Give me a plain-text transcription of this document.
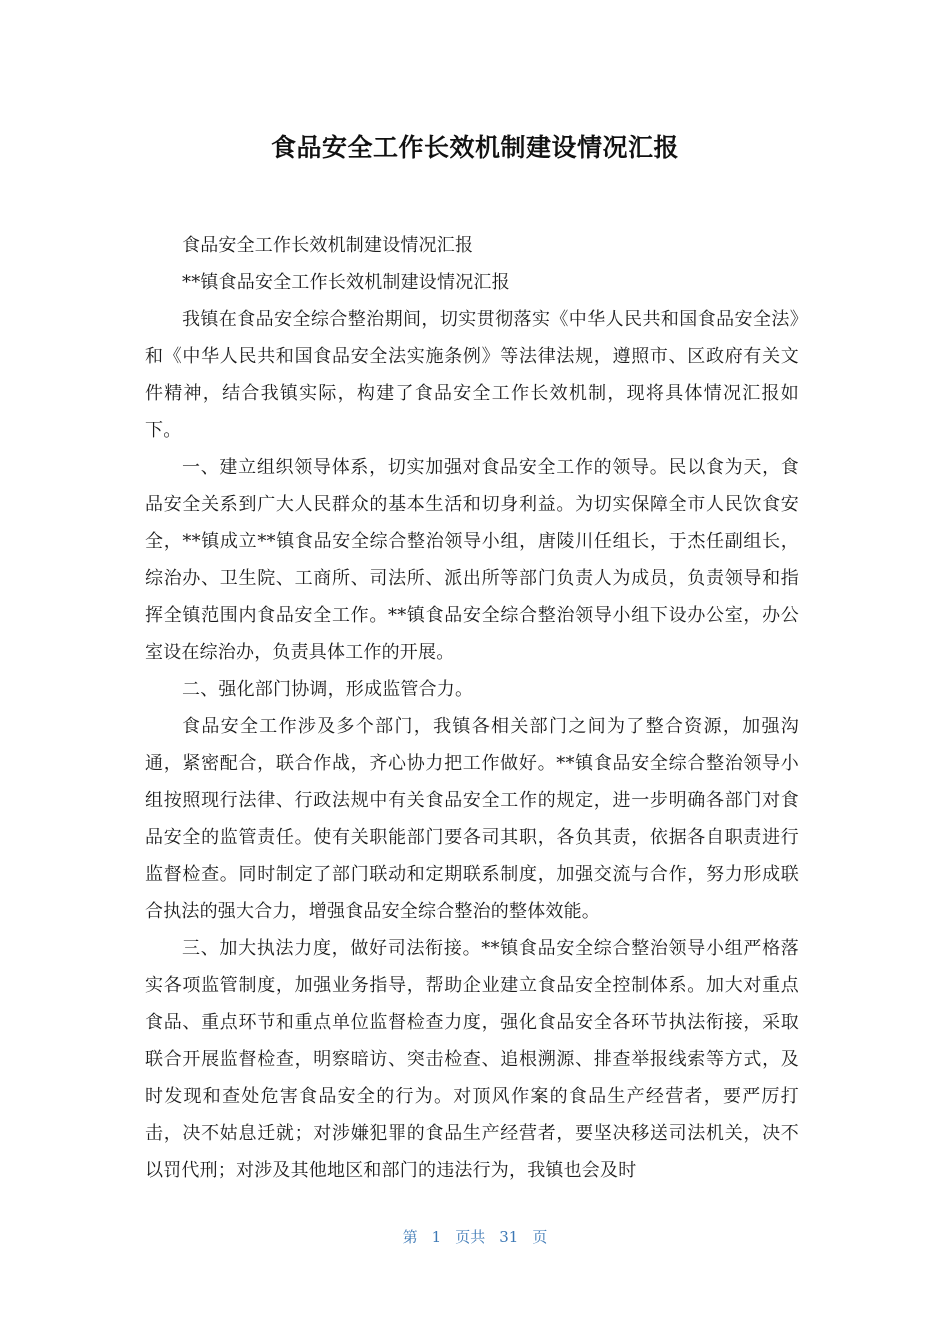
食品安全工作长效机制建设情况汇报

食品安全工作长效机制建设情况汇报

**镇食品安全工作长效机制建设情况汇报

我镇在食品安全综合整治期间，切实贯彻落实《中华人民共和国食品安全法》和《中华人民共和国食品安全法实施条例》等法律法规，遵照市、区政府有关文件精神，结合我镇实际，构建了食品安全工作长效机制，现将具体情况汇报如下。

一、建立组织领导体系，切实加强对食品安全工作的领导。民以食为天，食品安全关系到广大人民群众的基本生活和切身利益。为切实保障全市人民饮食安全，**镇成立**镇食品安全综合整治领导小组，唐陵川任组长，于杰任副组长，综治办、卫生院、工商所、司法所、派出所等部门负责人为成员，负责领导和指挥全镇范围内食品安全工作。**镇食品安全综合整治领导小组下设办公室，办公室设在综治办，负责具体工作的开展。

二、强化部门协调，形成监管合力。

食品安全工作涉及多个部门，我镇各相关部门之间为了整合资源，加强沟通，紧密配合，联合作战，齐心协力把工作做好。**镇食品安全综合整治领导小组按照现行法律、行政法规中有关食品安全工作的规定，进一步明确各部门对食品安全的监管责任。使有关职能部门要各司其职，各负其责，依据各自职责进行监督检查。同时制定了部门联动和定期联系制度，加强交流与合作，努力形成联合执法的强大合力，增强食品安全综合整治的整体效能。

三、加大执法力度，做好司法衔接。**镇食品安全综合整治领导小组严格落实各项监管制度，加强业务指导，帮助企业建立食品安全控制体系。加大对重点食品、重点环节和重点单位监督检查力度，强化食品安全各环节执法衔接，采取联合开展监督检查，明察暗访、突击检查、追根溯源、排查举报线索等方式，及时发现和查处危害食品安全的行为。对顶风作案的食品生产经营者，要严厉打击，决不姑息迁就；对涉嫌犯罪的食品生产经营者，要坚决移送司法机关，决不以罚代刑；对涉及其他地区和部门的违法行为，我镇也会及时

第 1 页共 31 页
